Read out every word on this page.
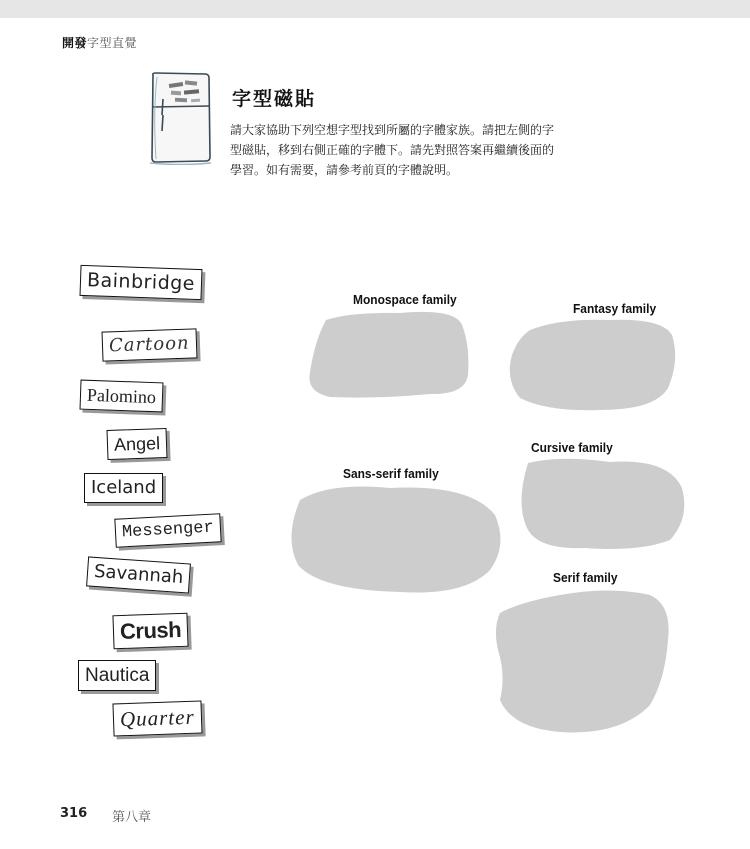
開發字型直覺
字型磁貼
請大家協助下列空想字型找到所屬的字體家族。請把左側的字型磁貼，移到右側正確的字體下。請先對照答案再繼續後面的學習。如有需要，請參考前頁的字體說明。
Monospace family
Fantasy family
Sans-serif family
Cursive family
Serif family
Bainbridge
Cartoon
Palomino
Angel
Iceland
Messenger
Savannah
Crush
Nautica
Quarter
316 第八章
